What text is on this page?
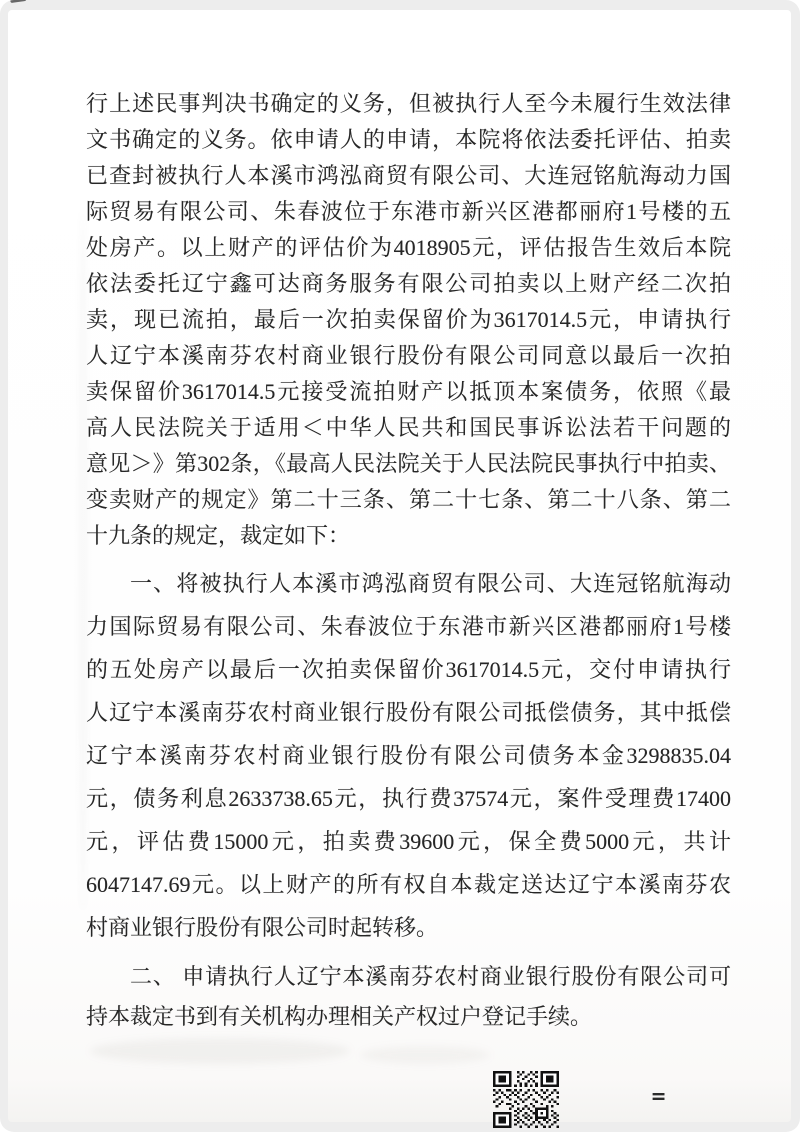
行上述民事判决书确定的义务，但被执行人至今未履行生效法律
文书确定的义务。依申请人的申请，本院将依法委托评估、拍卖
已查封被执行人本溪市鸿泓商贸有限公司、大连冠铭航海动力国
际贸易有限公司、朱春波位于东港市新兴区港都丽府1号楼的五
处房产。以上财产的评估价为4018905元，评估报告生效后本院
依法委托辽宁鑫可达商务服务有限公司拍卖以上财产经二次拍
卖，现已流拍，最后一次拍卖保留价为3617014.5元，申请执行
人辽宁本溪南芬农村商业银行股份有限公司同意以最后一次拍
卖保留价3617014.5元接受流拍财产以抵顶本案债务，依照《最
高人民法院关于适用＜中华人民共和国民事诉讼法若干问题的
意见＞》第302条，《最高人民法院关于人民法院民事执行中拍卖、
变卖财产的规定》第二十三条、第二十七条、第二十八条、第二
十九条的规定，裁定如下：
一、将被执行人本溪市鸿泓商贸有限公司、大连冠铭航海动
力国际贸易有限公司、朱春波位于东港市新兴区港都丽府1号楼
的五处房产以最后一次拍卖保留价3617014.5元，交付申请执行
人辽宁本溪南芬农村商业银行股份有限公司抵偿债务，其中抵偿
辽宁本溪南芬农村商业银行股份有限公司债务本金3298835.04
元，债务利息2633738.65元，执行费37574元，案件受理费17400
元，评估费15000元，拍卖费39600元，保全费5000元，共计
6047147.69元。以上财产的所有权自本裁定送达辽宁本溪南芬农
村商业银行股份有限公司时起转移。
二、 申请执行人辽宁本溪南芬农村商业银行股份有限公司可
持本裁定书到有关机构办理相关产权过户登记手续。
=
